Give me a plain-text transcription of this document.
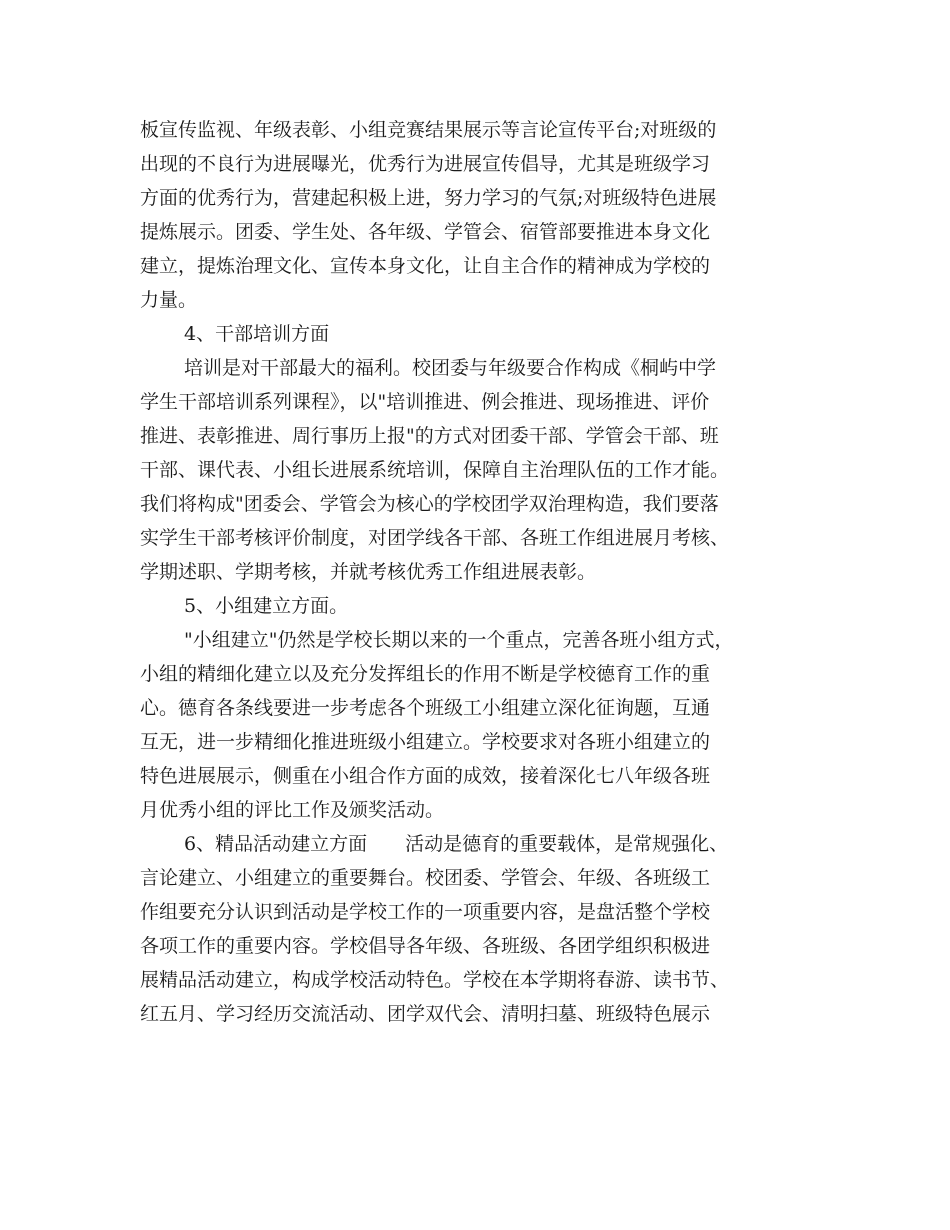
板宣传监视、年级表彰、小组竞赛结果展示等言论宣传平台;对班级的
出现的不良行为进展曝光，优秀行为进展宣传倡导，尤其是班级学习
方面的优秀行为，营建起积极上进，努力学习的气氛;对班级特色进展
提炼展示。团委、学生处、各年级、学管会、宿管部要推进本身文化
建立，提炼治理文化、宣传本身文化，让自主合作的精神成为学校的
力量。
4、干部培训方面
培训是对干部最大的福利。校团委与年级要合作构成《桐屿中学
学生干部培训系列课程》，以"培训推进、例会推进、现场推进、评价
推进、表彰推进、周行事历上报"的方式对团委干部、学管会干部、班
干部、课代表、小组长进展系统培训，保障自主治理队伍的工作才能。
我们将构成"团委会、学管会为核心的学校团学双治理构造，我们要落
实学生干部考核评价制度，对团学线各干部、各班工作组进展月考核、
学期述职、学期考核，并就考核优秀工作组进展表彰。
5、小组建立方面。
"小组建立"仍然是学校长期以来的一个重点，完善各班小组方式，
小组的精细化建立以及充分发挥组长的作用不断是学校德育工作的重
心。德育各条线要进一步考虑各个班级工小组建立深化征询题，互通
互无，进一步精细化推进班级小组建立。学校要求对各班小组建立的
特色进展展示，侧重在小组合作方面的成效，接着深化七八年级各班
月优秀小组的评比工作及颁奖活动。
6、精品活动建立方面　　活动是德育的重要载体，是常规强化、
言论建立、小组建立的重要舞台。校团委、学管会、年级、各班级工
作组要充分认识到活动是学校工作的一项重要内容，是盘活整个学校
各项工作的重要内容。学校倡导各年级、各班级、各团学组织积极进
展精品活动建立，构成学校活动特色。学校在本学期将春游、读书节、
红五月、学习经历交流活动、团学双代会、清明扫墓、班级特色展示
